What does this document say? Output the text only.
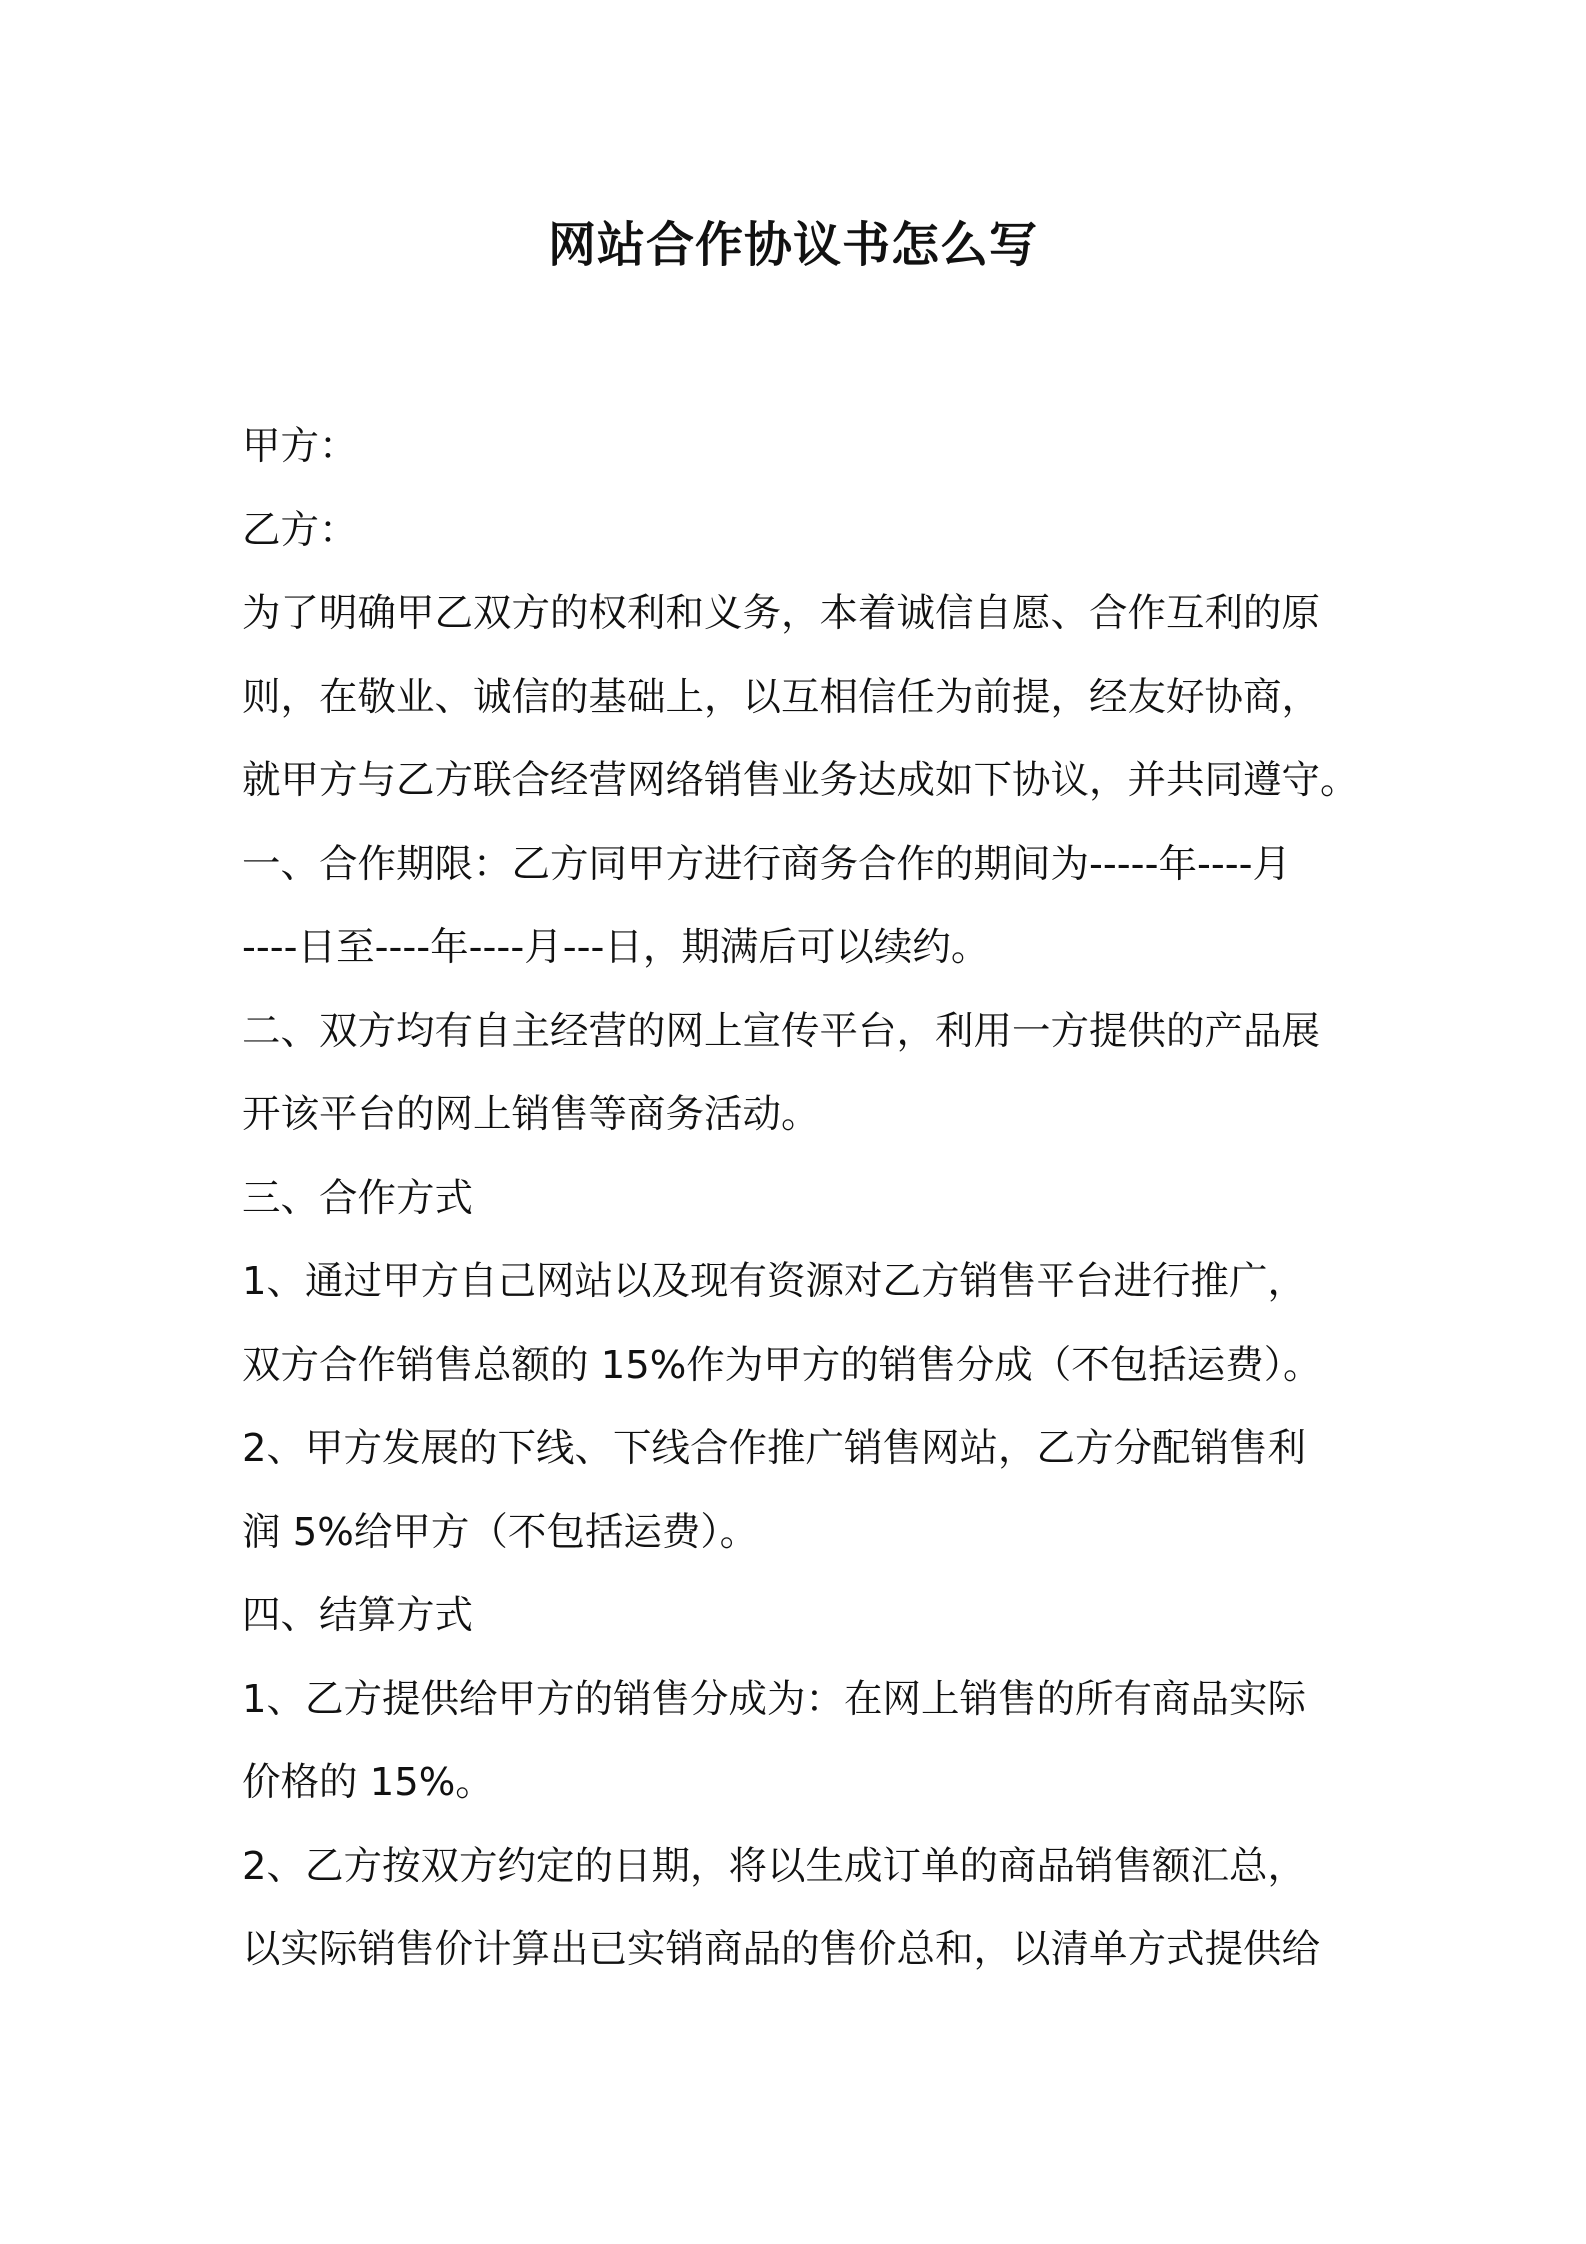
网站合作协议书怎么写

甲方：

乙方：

为了明确甲乙双方的权利和义务，本着诚信自愿、合作互利的原

则，在敬业、诚信的基础上，以互相信任为前提，经友好协商，

就甲方与乙方联合经营网络销售业务达成如下协议，并共同遵守。

一、合作期限：乙方同甲方进行商务合作的期间为-----年----月

----日至----年----月---日，期满后可以续约。

二、双方均有自主经营的网上宣传平台，利用一方提供的产品展

开该平台的网上销售等商务活动。

三、合作方式

1、通过甲方自己网站以及现有资源对乙方销售平台进行推广，

双方合作销售总额的 15%作为甲方的销售分成（不包括运费）。

2、甲方发展的下线、下线合作推广销售网站，乙方分配销售利

润 5%给甲方（不包括运费）。

四、结算方式

1、乙方提供给甲方的销售分成为：在网上销售的所有商品实际

价格的 15%。

2、乙方按双方约定的日期，将以生成订单的商品销售额汇总，

以实际销售价计算出已实销商品的售价总和，以清单方式提供给
